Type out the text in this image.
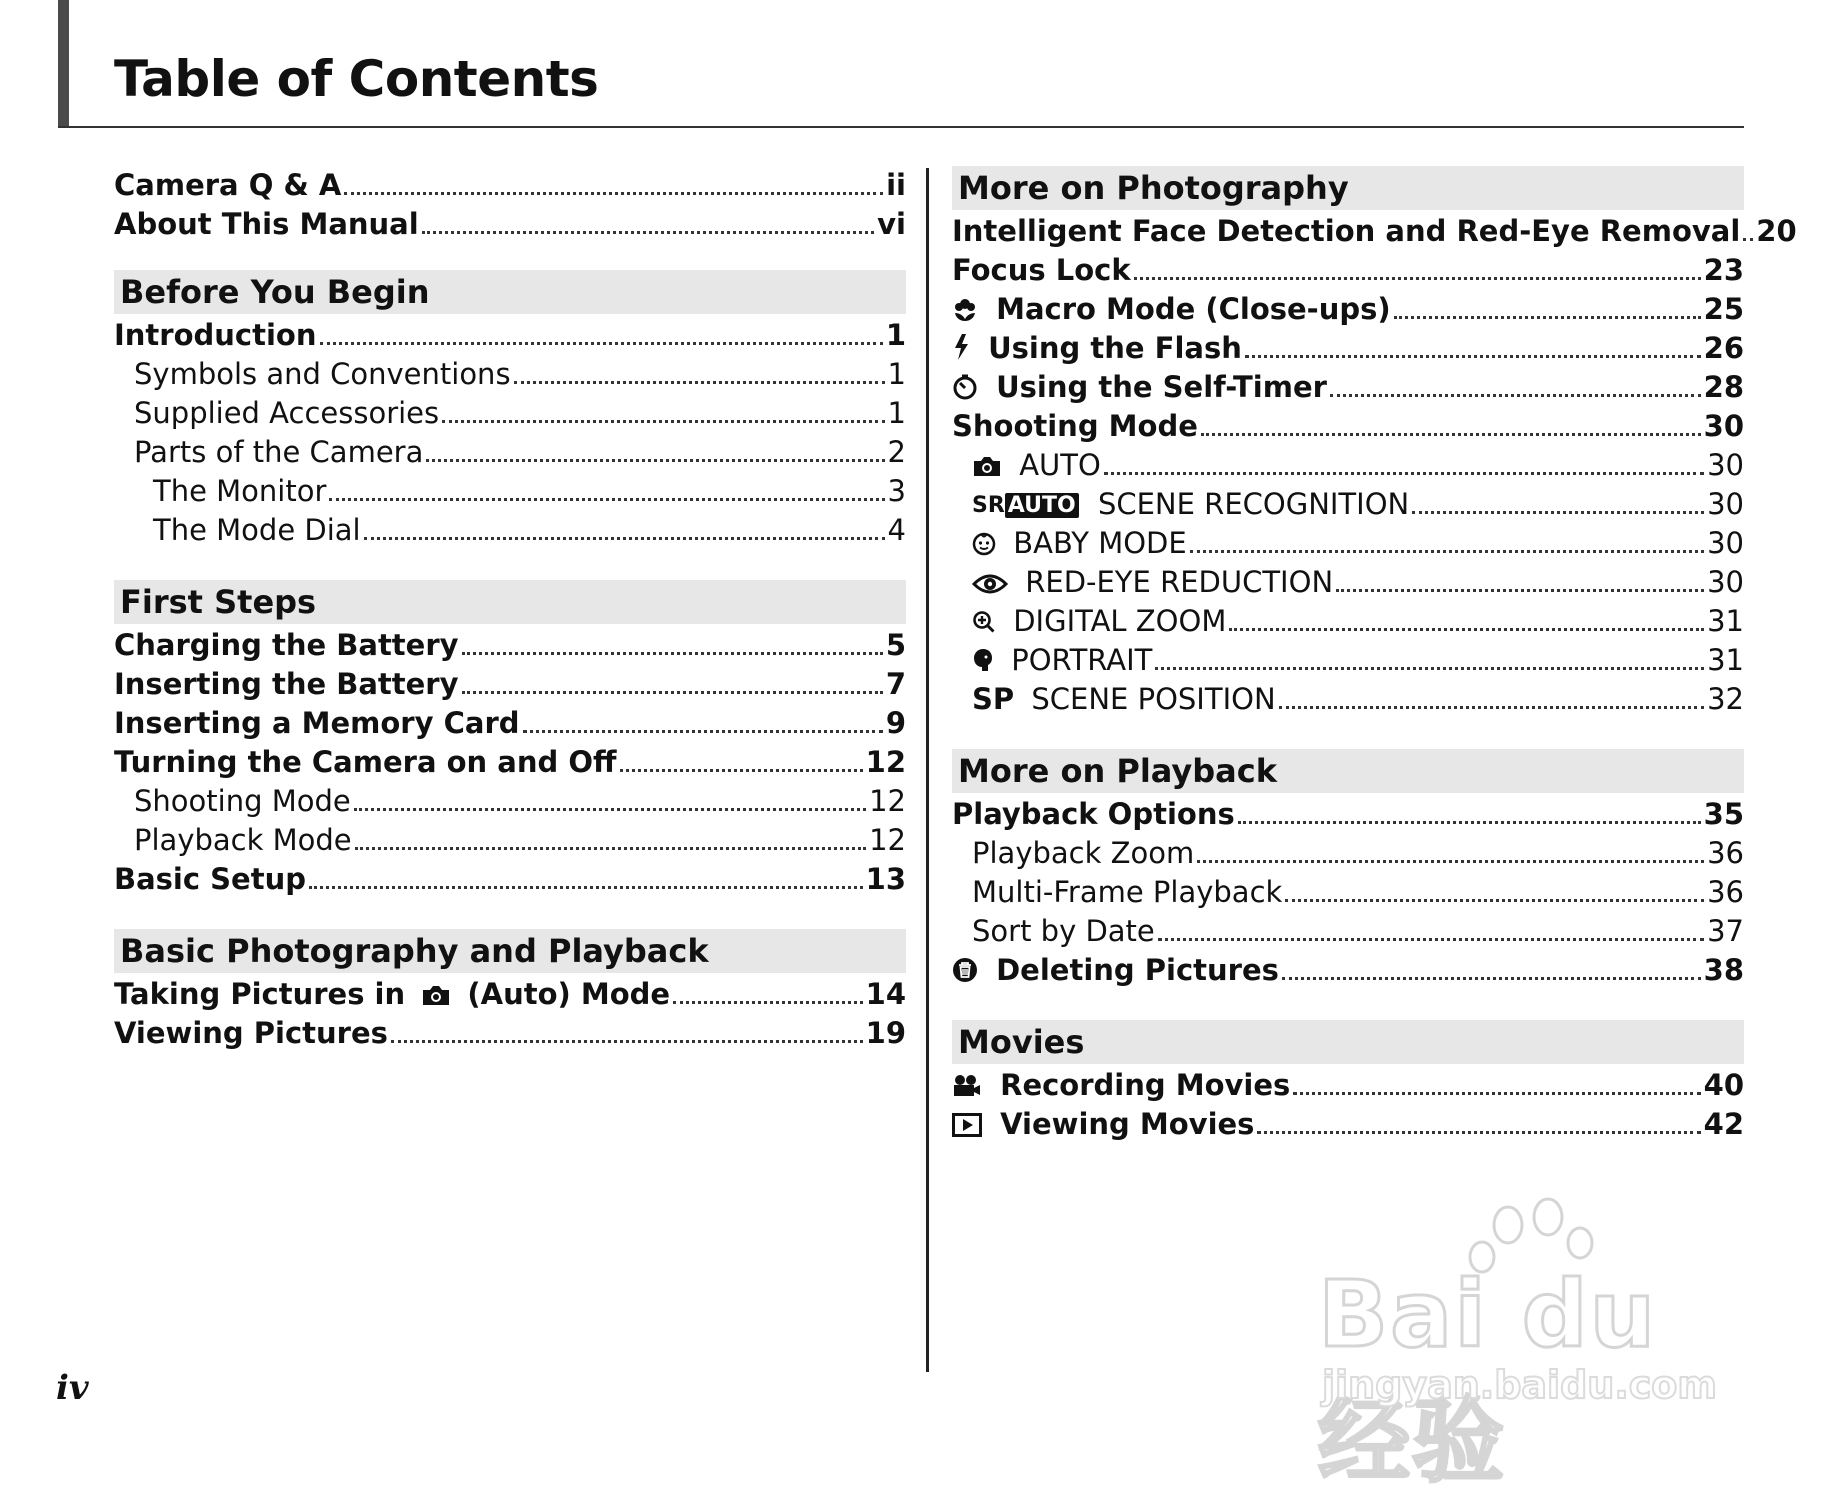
Table of Contents
Camera Q & A	ii
About This Manual	vi
Before You Begin
Introduction	1
Symbols and Conventions	1
Supplied Accessories	1
Parts of the Camera	2
The Monitor	3
The Mode Dial	4
First Steps
Charging the Battery	5
Inserting the Battery	7
Inserting a Memory Card	9
Turning the Camera on and Off	12
Shooting Mode	12
Playback Mode	12
Basic Setup	13
Basic Photography and Playback
Taking Pictures in (Auto) Mode	14
Viewing Pictures	19
More on Photography
Intelligent Face Detection and Red-Eye Removal 20
Focus Lock	23
Macro Mode (Close-ups)	25
Using the Flash	26
Using the Self-Timer	28
Shooting Mode	30
AUTO	30
SR AUTO SCENE RECOGNITION	30
BABY MODE	30
RED-EYE REDUCTION	30
DIGITAL ZOOM	31
PORTRAIT	31
SP SCENE POSITION	32
More on Playback
Playback Options	35
Playback Zoom	36
Multi-Frame Playback	36
Sort by Date	37
Deleting Pictures	38
Movies
Recording Movies	40
Viewing Movies	42
iv
Bai du 经验
jingyan.baidu.com
